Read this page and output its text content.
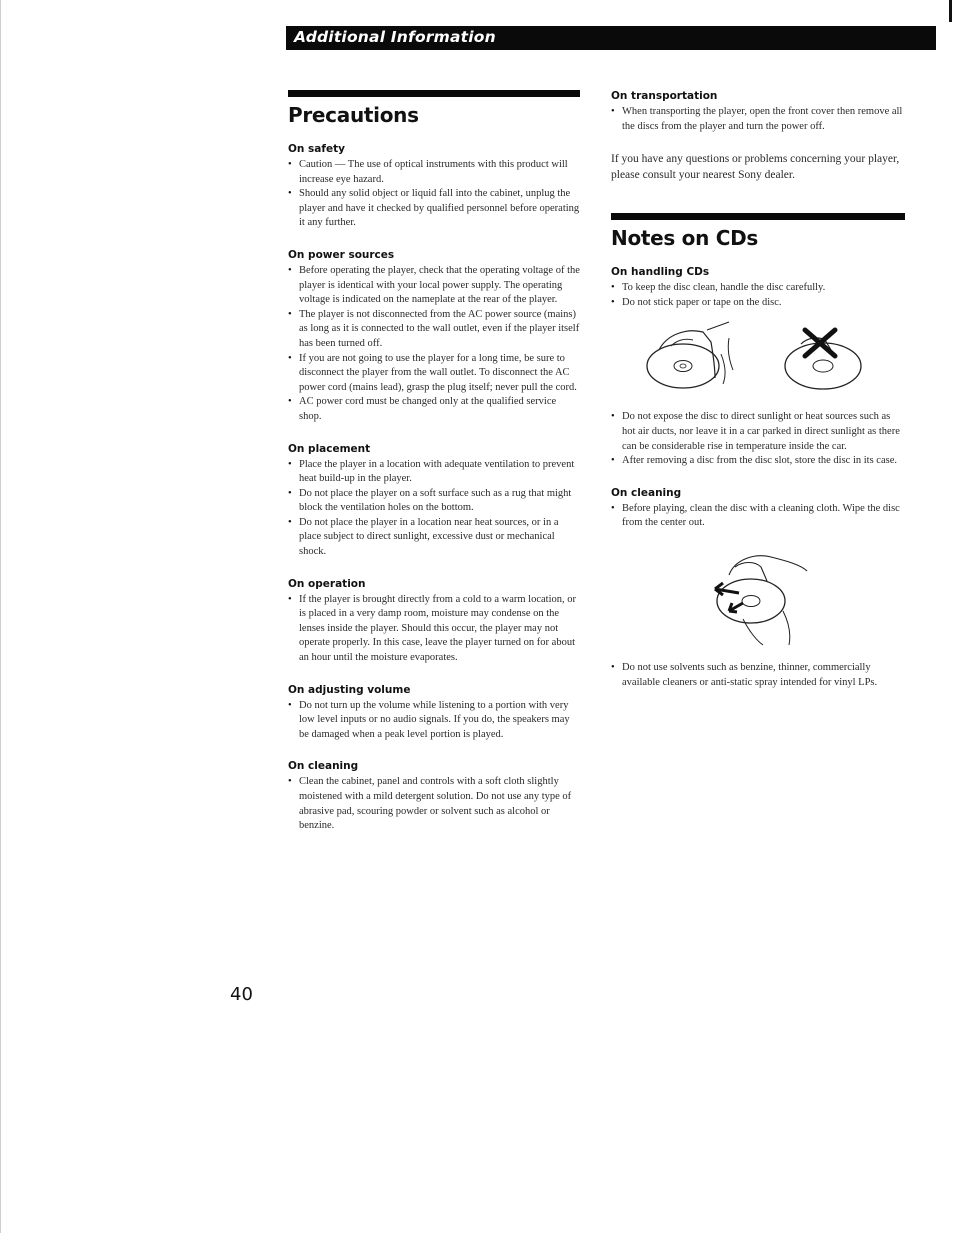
Additional Information
Precautions
On safety
• Caution — The use of optical instruments with this product will increase eye hazard.
• Should any solid object or liquid fall into the cabinet, unplug the player and have it checked by qualified personnel before operating it any further.
On power sources
• Before operating the player, check that the operating voltage of the player is identical with your local power supply. The operating voltage is indicated on the nameplate at the rear of the player.
• The player is not disconnected from the AC power source (mains) as long as it is connected to the wall outlet, even if the player itself has been turned off.
• If you are not going to use the player for a long time, be sure to disconnect the player from the wall outlet. To disconnect the AC power cord (mains lead), grasp the plug itself; never pull the cord.
• AC power cord must be changed only at the qualified service shop.
On placement
• Place the player in a location with adequate ventilation to prevent heat build-up in the player.
• Do not place the player on a soft surface such as a rug that might block the ventilation holes on the bottom.
• Do not place the player in a location near heat sources, or in a place subject to direct sunlight, excessive dust or mechanical shock.
On operation
• If the player is brought directly from a cold to a warm location, or is placed in a very damp room, moisture may condense on the lenses inside the player. Should this occur, the player may not operate properly. In this case, leave the player turned on for about an hour until the moisture evaporates.
On adjusting volume
• Do not turn up the volume while listening to a portion with very low level inputs or no audio signals. If you do, the speakers may be damaged when a peak level portion is played.
On cleaning
• Clean the cabinet, panel and controls with a soft cloth slightly moistened with a mild detergent solution. Do not use any type of abrasive pad, scouring powder or solvent such as alcohol or benzine.
On transportation
• When transporting the player, open the front cover then remove all the discs from the player and turn the power off.

If you have any questions or problems concerning your player, please consult your nearest Sony dealer.

Notes on CDs
On handling CDs
• To keep the disc clean, handle the disc carefully.
• Do not stick paper or tape on the disc.
• Do not expose the disc to direct sunlight or heat sources such as hot air ducts, nor leave it in a car parked in direct sunlight as there can be considerable rise in temperature inside the car.
• After removing a disc from the disc slot, store the disc in its case.
On cleaning
• Before playing, clean the disc with a cleaning cloth. Wipe the disc from the center out.
• Do not use solvents such as benzine, thinner, commercially available cleaners or anti-static spray intended for vinyl LPs.
40
